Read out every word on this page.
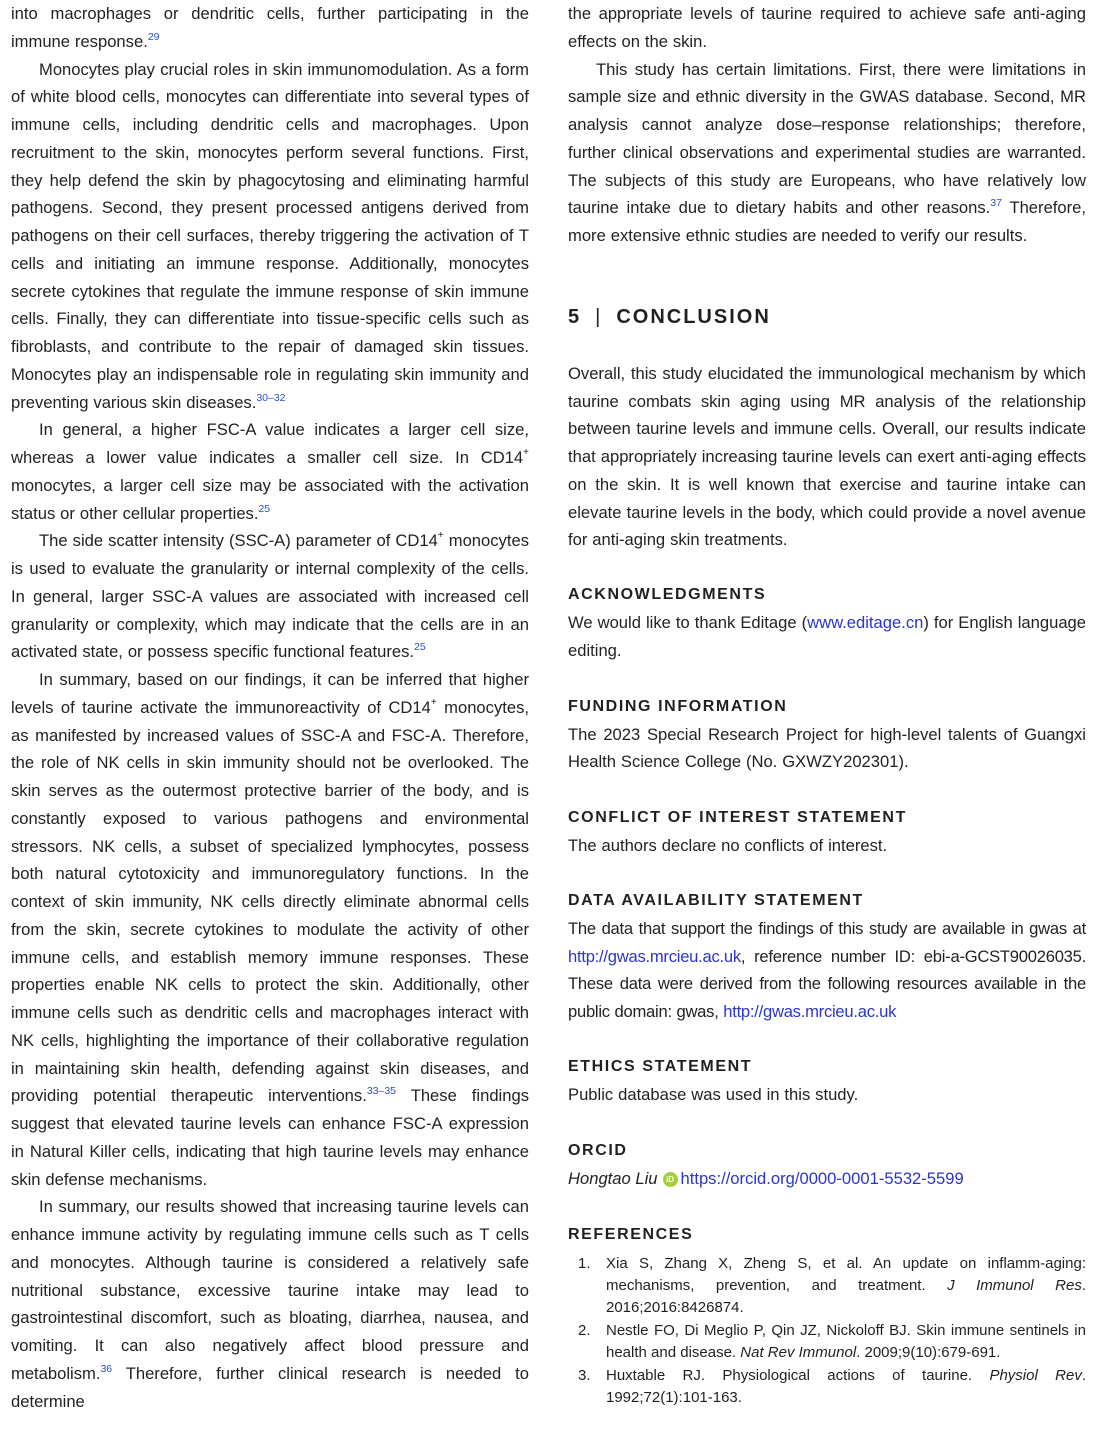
into macrophages or dendritic cells, further participating in the immune response.$^{29}$

Monocytes play crucial roles in skin immunomodulation. As a form of white blood cells, monocytes can differentiate into several types of immune cells, including dendritic cells and macrophages. Upon recruitment to the skin, monocytes perform several functions. First, they help defend the skin by phagocytosing and eliminating harmful pathogens. Second, they present processed antigens derived from pathogens on their cell surfaces, thereby triggering the activation of T cells and initiating an immune response. Additionally, monocytes secrete cytokines that regulate the immune response of skin immune cells. Finally, they can differentiate into tissue-specific cells such as fibroblasts, and contribute to the repair of damaged skin tissues. Monocytes play an indispensable role in regulating skin immunity and preventing various skin diseases.$^{30-32}$

In general, a higher FSC-A value indicates a larger cell size, whereas a lower value indicates a smaller cell size. In CD14+ monocytes, a larger cell size may be associated with the activation status or other cellular properties.$^{25}$

The side scatter intensity (SSC-A) parameter of CD14+ monocytes is used to evaluate the granularity or internal complexity of the cells. In general, larger SSC-A values are associated with increased cell granularity or complexity, which may indicate that the cells are in an activated state, or possess specific functional features.$^{25}$

In summary, based on our findings, it can be inferred that higher levels of taurine activate the immunoreactivity of CD14+ monocytes, as manifested by increased values of SSC-A and FSC-A. Therefore, the role of NK cells in skin immunity should not be overlooked. The skin serves as the outermost protective barrier of the body, and is constantly exposed to various pathogens and environmental stressors. NK cells, a subset of specialized lymphocytes, possess both natural cytotoxicity and immunoregulatory functions. In the context of skin immunity, NK cells directly eliminate abnormal cells from the skin, secrete cytokines to modulate the activity of other immune cells, and establish memory immune responses. These properties enable NK cells to protect the skin. Additionally, other immune cells such as dendritic cells and macrophages interact with NK cells, highlighting the importance of their collaborative regulation in maintaining skin health, defending against skin diseases, and providing potential therapeutic interventions.$^{33-35}$ These findings suggest that elevated taurine levels can enhance FSC-A expression in Natural Killer cells, indicating that high taurine levels may enhance skin defense mechanisms.

In summary, our results showed that increasing taurine levels can enhance immune activity by regulating immune cells such as T cells and monocytes. Although taurine is considered a relatively safe nutritional substance, excessive taurine intake may lead to gastrointestinal discomfort, such as bloating, diarrhea, nausea, and vomiting. It can also negatively affect blood pressure and metabolism.$^{36}$ Therefore, further clinical research is needed to determine

the appropriate levels of taurine required to achieve safe anti-aging effects on the skin.

This study has certain limitations. First, there were limitations in sample size and ethnic diversity in the GWAS database. Second, MR analysis cannot analyze dose–response relationships; therefore, further clinical observations and experimental studies are warranted. The subjects of this study are Europeans, who have relatively low taurine intake due to dietary habits and other reasons.$^{37}$ Therefore, more extensive ethnic studies are needed to verify our results.

5 | CONCLUSION

Overall, this study elucidated the immunological mechanism by which taurine combats skin aging using MR analysis of the relationship between taurine levels and immune cells. Overall, our results indicate that appropriately increasing taurine levels can exert anti-aging effects on the skin. It is well known that exercise and taurine intake can elevate taurine levels in the body, which could provide a novel avenue for anti-aging skin treatments.

ACKNOWLEDGMENTS

We would like to thank Editage (www.editage.cn) for English language editing.

FUNDING INFORMATION

The 2023 Special Research Project for high-level talents of Guangxi Health Science College (No. GXWZY202301).

CONFLICT OF INTEREST STATEMENT

The authors declare no conflicts of interest.

DATA AVAILABILITY STATEMENT

The data that support the findings of this study are available in gwas at http://gwas.mrcieu.ac.uk, reference number ID: ebi-a-GCST90026035. These data were derived from the following resources available in the public domain: gwas, http://gwas.mrcieu.ac.uk

ETHICS STATEMENT

Public database was used in this study.

ORCID
Hongtao Liu iD https://orcid.org/0000-0001-5532-5599
REFERENCES
1. Xia S, Zhang X, Zheng S, et al. An update on inflamm-aging: mechanisms, prevention, and treatment. J Immunol Res. 2016;2016:8426874.
2. Nestle FO, Di Meglio P, Qin JZ, Nickoloff BJ. Skin immune sentinels in health and disease. Nat Rev Immunol. 2009;9(10):679-691.
3. Huxtable RJ. Physiological actions of taurine. Physiol Rev. 1992;72(1):101-163.
